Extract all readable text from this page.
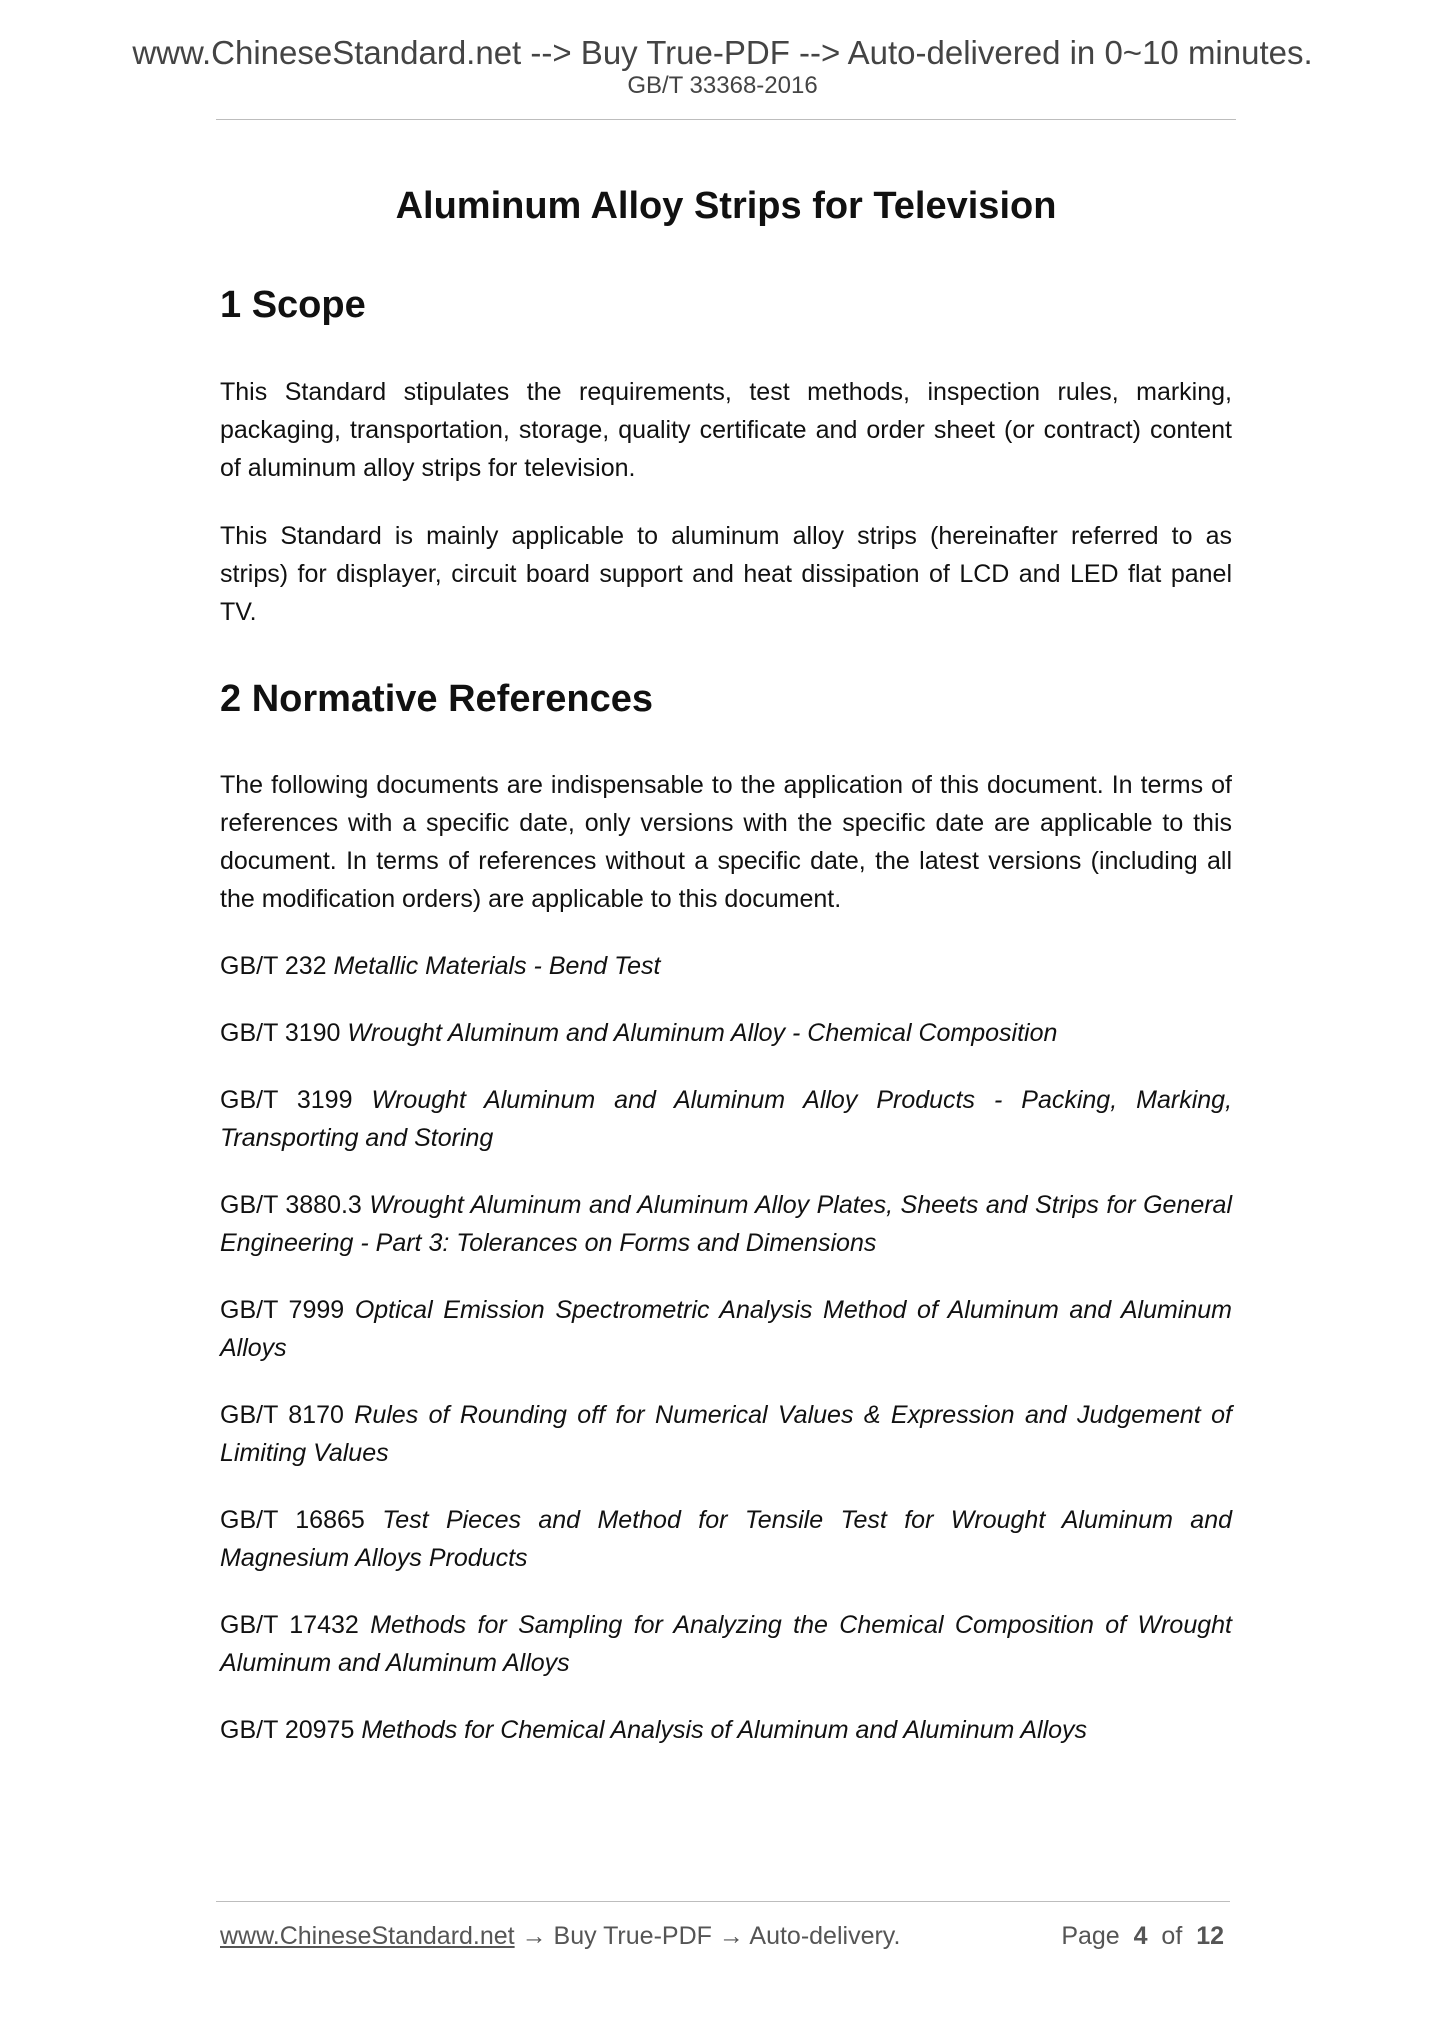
www.ChineseStandard.net --> Buy True-PDF --> Auto-delivered in 0~10 minutes.
GB/T 33368-2016
Aluminum Alloy Strips for Television
1 Scope

This Standard stipulates the requirements, test methods, inspection rules, marking, packaging, transportation, storage, quality certificate and order sheet (or contract) content of aluminum alloy strips for television.

This Standard is mainly applicable to aluminum alloy strips (hereinafter referred to as strips) for displayer, circuit board support and heat dissipation of LCD and LED flat panel TV.

2 Normative References

The following documents are indispensable to the application of this document. In terms of references with a specific date, only versions with the specific date are applicable to this document. In terms of references without a specific date, the latest versions (including all the modification orders) are applicable to this document.

GB/T 232 Metallic Materials - Bend Test

GB/T 3190 Wrought Aluminum and Aluminum Alloy - Chemical Composition

GB/T 3199 Wrought Aluminum and Aluminum Alloy Products - Packing, Marking, Transporting and Storing

GB/T 3880.3 Wrought Aluminum and Aluminum Alloy Plates, Sheets and Strips for General Engineering - Part 3: Tolerances on Forms and Dimensions

GB/T 7999 Optical Emission Spectrometric Analysis Method of Aluminum and Aluminum Alloys

GB/T 8170 Rules of Rounding off for Numerical Values & Expression and Judgement of Limiting Values

GB/T 16865 Test Pieces and Method for Tensile Test for Wrought Aluminum and Magnesium Alloys Products

GB/T 17432 Methods for Sampling for Analyzing the Chemical Composition of Wrought Aluminum and Aluminum Alloys

GB/T 20975 Methods for Chemical Analysis of Aluminum and Aluminum Alloys

www.ChineseStandard.net → Buy True-PDF → Auto-delivery.	Page 4 of 12
